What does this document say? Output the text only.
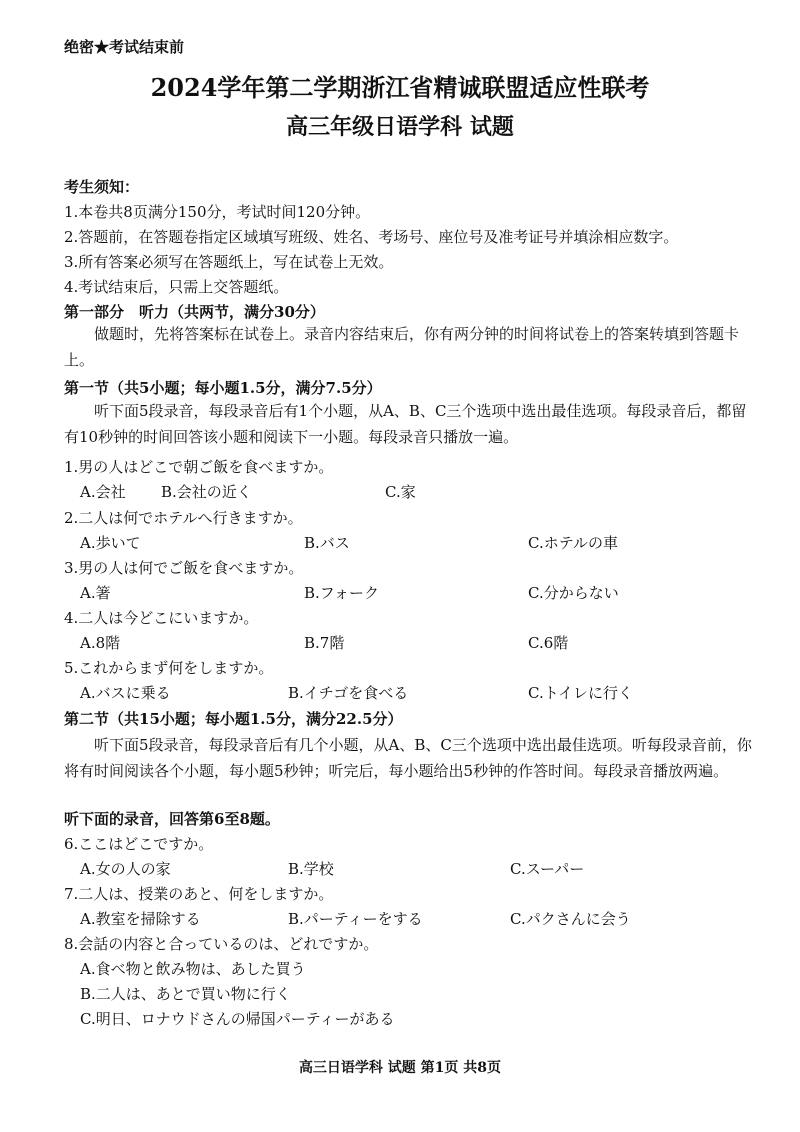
绝密★考试结束前
2024学年第二学期浙江省精诚联盟适应性联考
高三年级日语学科 试题
考生须知：
1.本卷共8页满分150分，考试时间120分钟。
2.答题前，在答题卷指定区域填写班级、姓名、考场号、座位号及准考证号并填涂相应数字。
3.所有答案必须写在答题纸上，写在试卷上无效。
4.考试结束后，只需上交答题纸。
第一部分　听力（共两节，满分30分）
做题时，先将答案标在试卷上。录音内容结束后，你有两分钟的时间将试卷上的答案转填到答题卡上。
第一节（共5小题；每小题1.5分，满分7.5分）
听下面5段录音，每段录音后有1个小题，从A、B、C三个选项中选出最佳选项。每段录音后，都留有10秒钟的时间回答该小题和阅读下一小题。每段录音只播放一遍。
1.男の人はどこで朝ご飯を食べますか。
A.会社 B.会社の近く	C.家
2.二人は何でホテルへ行きますか。
A.歩いて	B.バス	C.ホテルの車
3.男の人は何でご飯を食べますか。
A.箸	B.フォーク	C.分からない
4.二人は今どこにいますか。
A.8階	B.7階	C.6階
5.これからまず何をしますか。
A.バスに乗る	B.イチゴを食べる	C.トイレに行く
第二节（共15小题；每小题1.5分，满分22.5分）
听下面5段录音，每段录音后有几个小题，从A、B、C三个选项中选出最佳选项。听每段录音前，你将有时间阅读各个小题，每小题5秒钟；听完后，每小题给出5秒钟的作答时间。每段录音播放两遍。
听下面的录音，回答第6至8题。
6.ここはどこですか。
A.女の人の家	B.学校	C.スーパー
7.二人は、授業のあと、何をしますか。
A.教室を掃除する	B.パーティーをする	C.パクさんに会う
8.会話の内容と合っているのは、どれですか。
A.食べ物と飲み物は、あした買う
B.二人は、あとで買い物に行く
C.明日、ロナウドさんの帰国パーティーがある
高三日语学科 试题 第1页 共8页
